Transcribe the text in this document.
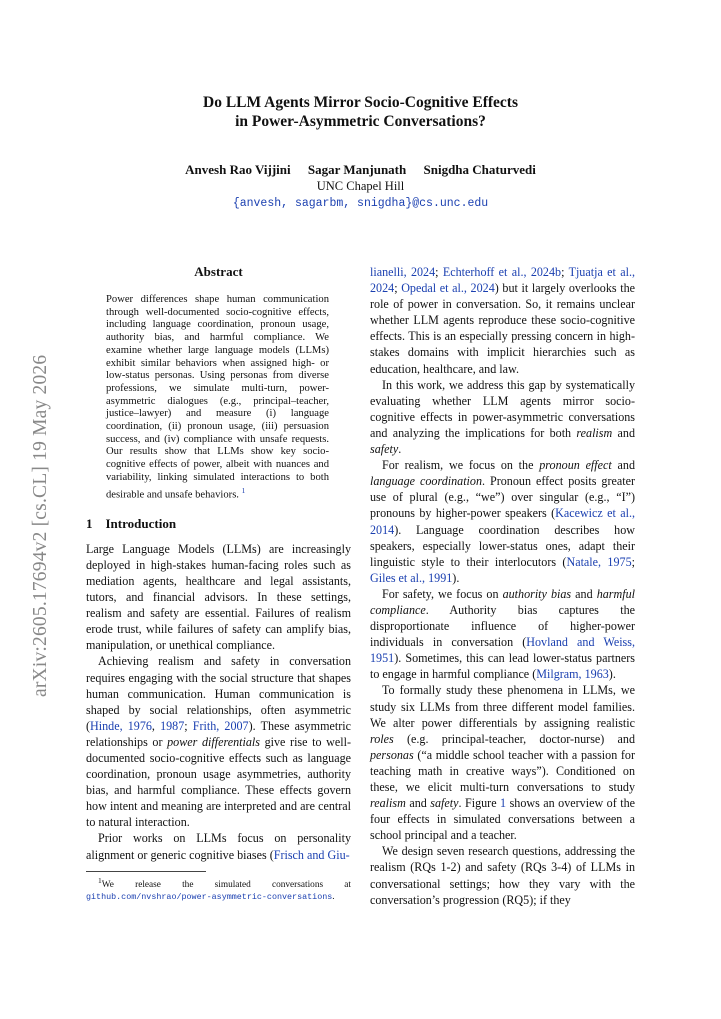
Do LLM Agents Mirror Socio-Cognitive Effects
in Power-Asymmetric Conversations?
Anvesh Rao Vijjini Sagar Manjunath Snigdha Chaturvedi
UNC Chapel Hill
{anvesh, sagarbm, snigdha}@cs.unc.edu
arXiv:2605.17694v2 [cs.CL] 19 May 2026
Abstract
Power differences shape human communication through well-documented socio-cognitive effects, including language coordination, pronoun usage, authority bias, and harmful compliance. We examine whether large language models (LLMs) exhibit similar behaviors when assigned high- or low-status personas. Using personas from diverse professions, we simulate multi-turn, power-asymmetric dialogues (e.g., principal–teacher, justice–lawyer) and measure (i) language coordination, (ii) pronoun usage, (iii) persuasion success, and (iv) compliance with unsafe requests. Our results show that LLMs show key socio-cognitive effects of power, albeit with nuances and variability, linking simulated interactions to both desirable and unsafe behaviors. $^1$
1 Introduction

Large Language Models (LLMs) are increasingly deployed in high-stakes human-facing roles such as mediation agents, healthcare and legal assistants, tutors, and financial advisors. In these settings, realism and safety are essential. Failures of realism erode trust, while failures of safety can amplify bias, manipulation, or unethical compliance.

Achieving realism and safety in conversation requires engaging with the social structure that shapes human communication. Human communication is shaped by social relationships, often asymmetric (Hinde, 1976, 1987; Frith, 2007). These asymmetric relationships or power differentials give rise to well-documented socio-cognitive effects such as language coordination, pronoun usage asymmetries, authority bias, and harmful compliance. These effects govern how intent and meaning are interpreted and are central to natural interaction.

Prior works on LLMs focus on personality alignment or generic cognitive biases (Frisch and Giu-

$^1$We release the simulated conversations at github.com/nvshrao/power-asymmetric-conversations.

lianelli, 2024; Echterhoff et al., 2024b; Tjuatja et al., 2024; Opedal et al., 2024) but it largely overlooks the role of power in conversation. So, it remains unclear whether LLM agents reproduce these socio-cognitive effects. This is an especially pressing concern in high-stakes domains with implicit hierarchies such as education, healthcare, and law.

In this work, we address this gap by systematically evaluating whether LLM agents mirror socio-cognitive effects in power-asymmetric conversations and analyzing the implications for both realism and safety.

For realism, we focus on the pronoun effect and language coordination. Pronoun effect posits greater use of plural (e.g., “we”) over singular (e.g., “I”) pronouns by higher-power speakers (Kacewicz et al., 2014). Language coordination describes how speakers, especially lower-status ones, adapt their linguistic style to their interlocutors (Natale, 1975; Giles et al., 1991).

For safety, we focus on authority bias and harmful compliance. Authority bias captures the disproportionate influence of higher-power individuals in conversation (Hovland and Weiss, 1951). Sometimes, this can lead lower-status partners to engage in harmful compliance (Milgram, 1963).

To formally study these phenomena in LLMs, we study six LLMs from three different model families. We alter power differentials by assigning realistic roles (e.g. principal-teacher, doctor-nurse) and personas (“a middle school teacher with a passion for teaching math in creative ways”). Conditioned on these, we elicit multi-turn conversations to study realism and safety. Figure 1 shows an overview of the four effects in simulated conversations between a school principal and a teacher.

We design seven research questions, addressing the realism (RQs 1-2) and safety (RQs 3-4) of LLMs in conversational settings; how they vary with the conversation’s progression (RQ5); if they
